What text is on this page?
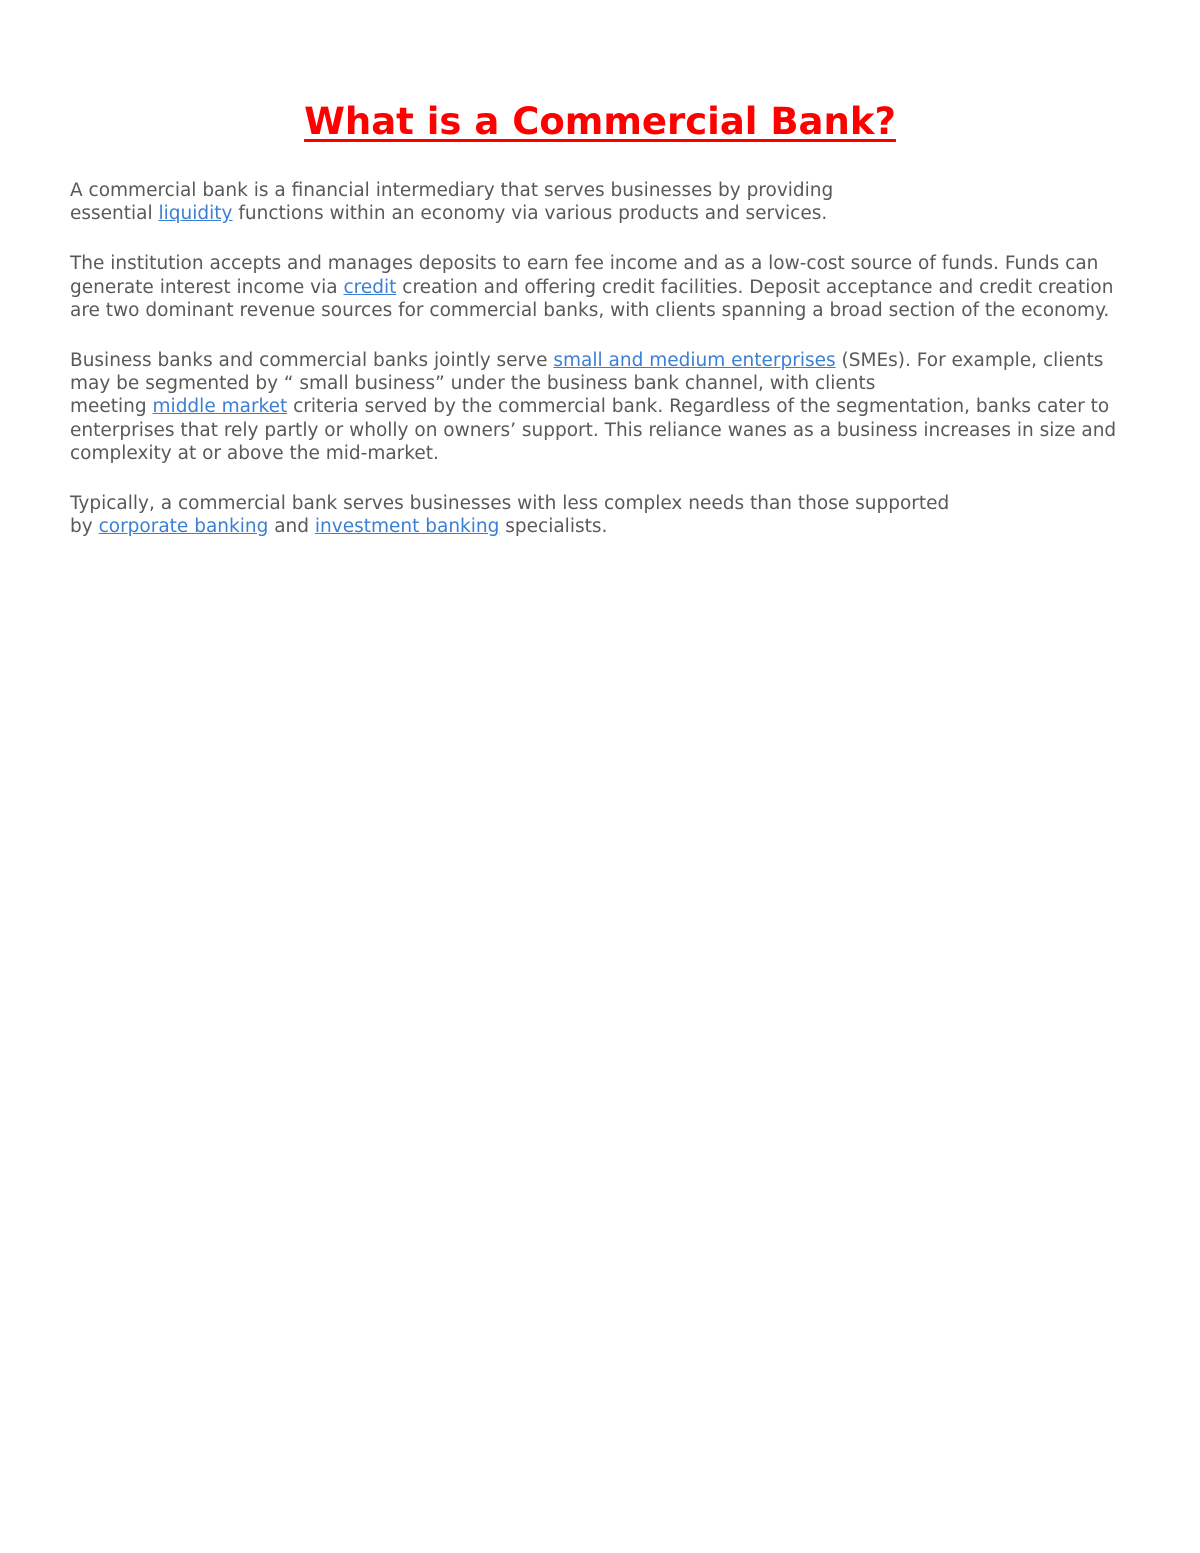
What is a Commercial Bank?

A commercial bank is a financial intermediary that serves businesses by providing
essential liquidity functions within an economy via various products and services.

The institution accepts and manages deposits to earn fee income and as a low-cost source of funds. Funds can generate interest income via credit creation and offering credit facilities. Deposit acceptance and credit creation are two dominant revenue sources for commercial banks, with clients spanning a broad section of the economy.

Business banks and commercial banks jointly serve small and medium enterprises (SMEs). For example, clients may be segmented by “ small business” under the business bank channel, with clients
meeting middle market criteria served by the commercial bank. Regardless of the segmentation, banks cater to enterprises that rely partly or wholly on owners’ support. This reliance wanes as a business increases in size and complexity at or above the mid-market.

Typically, a commercial bank serves businesses with less complex needs than those supported
by corporate banking and investment banking specialists.
